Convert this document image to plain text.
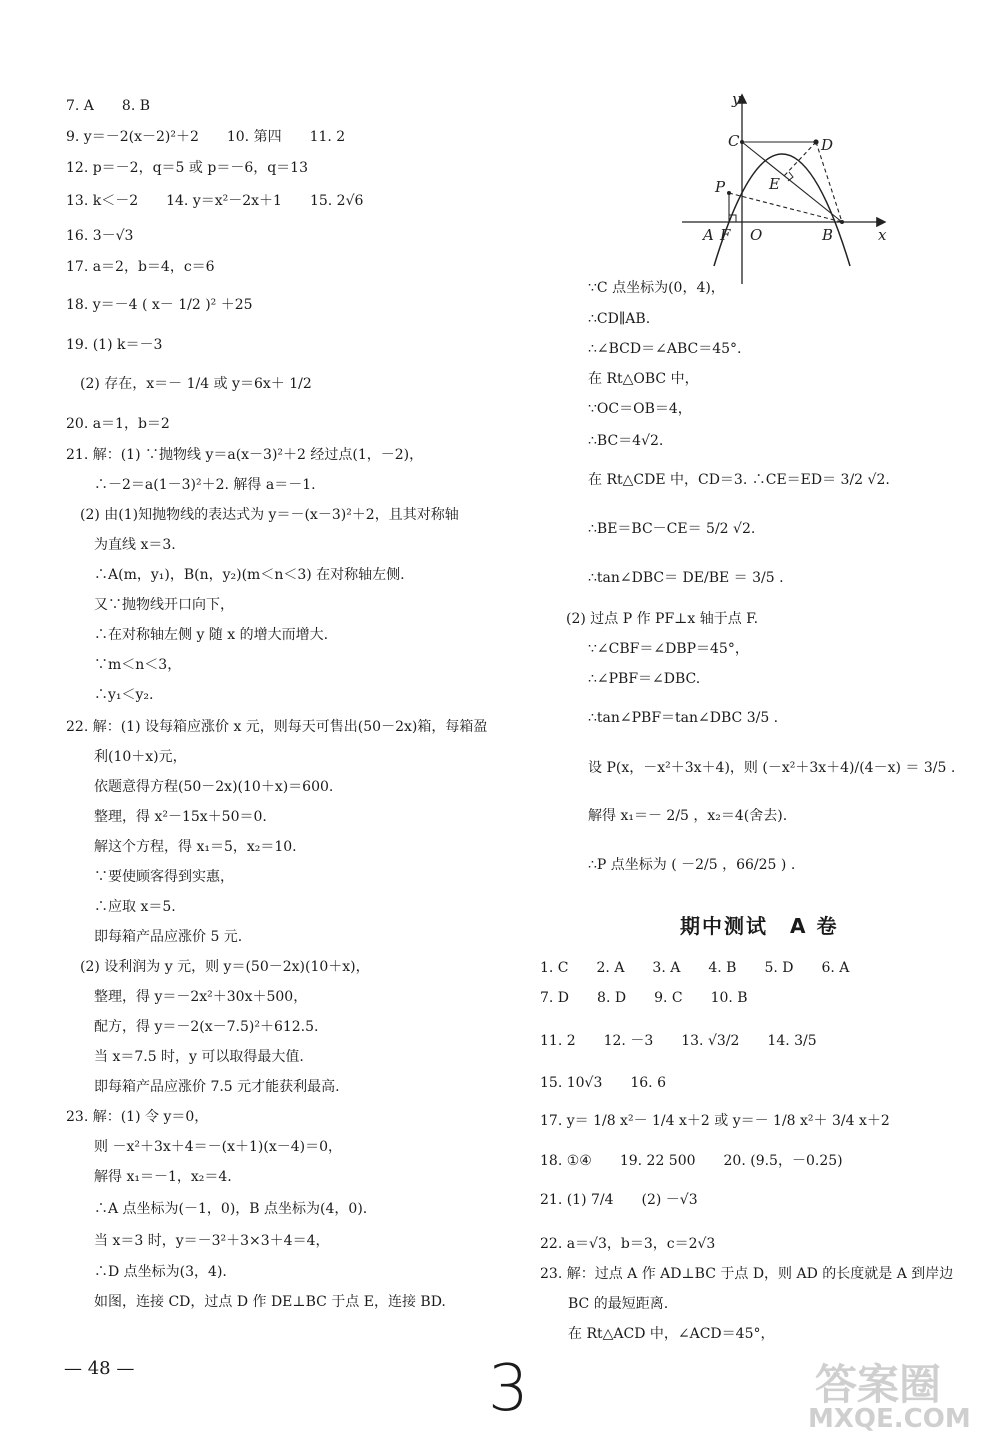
7. A　　8. B
9. y＝－2(x－2)²＋2　　10. 第四　　11. 2
12. p＝－2，q＝5 或 p＝－6，q＝13
13. k＜－2　　14. y＝x²－2x＋1　　15. 2√6
16. 3－√3
17. a＝2，b＝4，c＝6
18. y＝－4 ( x－ 1/2 )² ＋25
19. (1) k＝－3
　(2) 存在，x＝－ 1/4 或 y＝6x＋ 1/2
20. a＝1，b＝2
21. 解：(1) ∵抛物线 y＝a(x－3)²＋2 经过点(1，－2)，
　　∴－2＝a(1－3)²＋2. 解得 a＝－1.
　(2) 由(1)知抛物线的表达式为 y＝－(x－3)²＋2，且其对称轴
　　为直线 x＝3.
　　∴A(m，y₁)，B(n，y₂)(m＜n＜3) 在对称轴左侧.
　　又∵抛物线开口向下，
　　∴在对称轴左侧 y 随 x 的增大而增大.
　　∵m＜n＜3，
　　∴y₁＜y₂.
22. 解：(1) 设每箱应涨价 x 元，则每天可售出(50－2x)箱，每箱盈
　　利(10＋x)元，
　　依题意得方程(50－2x)(10＋x)＝600.
　　整理，得 x²－15x＋50＝0.
　　解这个方程，得 x₁＝5，x₂＝10.
　　∵要使顾客得到实惠，
　　∴应取 x＝5.
　　即每箱产品应涨价 5 元.
　(2) 设利润为 y 元，则 y＝(50－2x)(10＋x)，
　　整理，得 y＝－2x²＋30x＋500，
　　配方，得 y＝－2(x－7.5)²＋612.5.
　　当 x＝7.5 时，y 可以取得最大值.
　　即每箱产品应涨价 7.5 元才能获利最高.
23. 解：(1) 令 y＝0，
　　则 －x²＋3x＋4＝－(x＋1)(x－4)＝0，
　　解得 x₁＝－1，x₂＝4.
　　∴A 点坐标为(－1，0)，B 点坐标为(4，0).
　　当 x＝3 时，y＝－3²＋3×3＋4＝4，
　　∴D 点坐标为(3，4).
　　如图，连接 CD，过点 D 作 DE⊥BC 于点 E，连接 BD.
y
x
C	D
P	E
A F O	B
∵C 点坐标为(0，4)，
∴CD∥AB.
∴∠BCD＝∠ABC＝45°.
在 Rt△OBC 中，
∵OC＝OB＝4，
∴BC＝4√2.
在 Rt△CDE 中，CD＝3. ∴CE＝ED＝ 3/2 √2.
∴BE＝BC－CE＝ 5/2 √2.
∴tan∠DBC＝ DE/BE ＝ 3/5 .
(2) 过点 P 作 PF⊥x 轴于点 F.
∵∠CBF＝∠DBP＝45°，
∴∠PBF＝∠DBC.
∴tan∠PBF＝tan∠DBC 3/5 .
设 P(x，－x²＋3x＋4)，则 (－x²＋3x＋4)/(4－x) ＝ 3/5 .
解得 x₁＝－ 2/5 ，x₂＝4(舍去).
∴P 点坐标为 ( －2/5 ，66/25 ) .
期中测试　A 卷
1. C　　2. A　　3. A　　4. B　　5. D　　6. A
7. D　　8. D　　9. C　　10. B
11. 2　　12. －3　　13. √3/2　　14. 3/5
15. 10√3　　16. 6
17. y＝ 1/8 x²－ 1/4 x＋2 或 y＝－ 1/8 x²＋ 3/4 x＋2
18. ①④　　19. 22 500　　20. (9.5，－0.25)
21. (1) 7/4　　(2) －√3
22. a＝√3，b＝3，c＝2√3
23. 解：过点 A 作 AD⊥BC 于点 D，则 AD 的长度就是 A 到岸边
　　BC 的最短距离.
　　在 Rt△ACD 中，∠ACD＝45°，
— 48 —	3	答案圈
MXQE.COM
